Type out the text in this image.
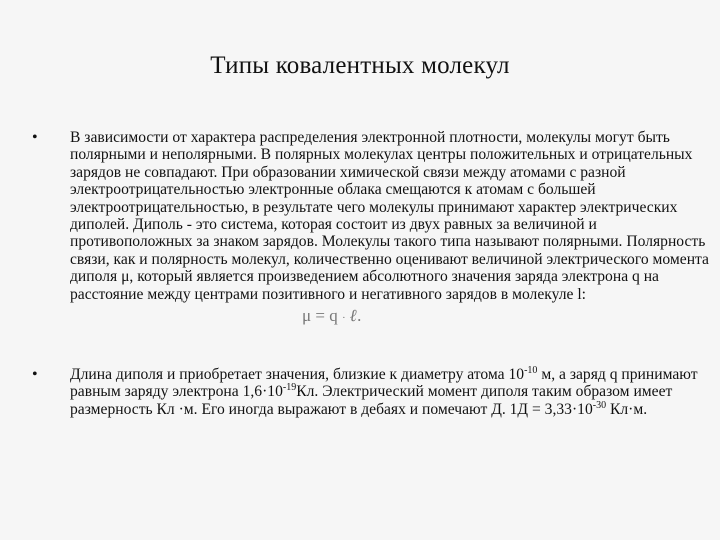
Типы ковалентных молекул
• В зависимости от характера распределения электронной плотности, молекулы могут быть полярными и неполярными. В полярных молекулах центры положительных и отрицательных зарядов не совпадают. При образовании химической связи между атомами с разной электроотрицательностью электронные облака смещаются к атомам с большей электроотрицательностью, в результате чего молекулы принимают характер электрических диполей. Диполь - это система, которая состоит из двух равных за величиной и противоположных за знаком зарядов. Молекулы такого типа называют полярными. Полярность связи, как и полярность молекул, количественно оценивают величиной электрического момента диполя μ, который является произведением абсолютного значения заряда электрона q на расстояние между центрами позитивного и негативного зарядов в молекуле l:

μ = q · ℓ.
• Длина диполя и приобретает значения, близкие к диаметру атома $10^{-10}$ м, а заряд q принимают равным заряду электрона $1,6\cdot 10^{-19}Кл$. Электрический момент диполя таким образом имеет размерность Кл ·м. Его иногда выражают в дебаях и помечают Д. $1Д = 3,33\cdot 10^{-30}$ Кл·м.
